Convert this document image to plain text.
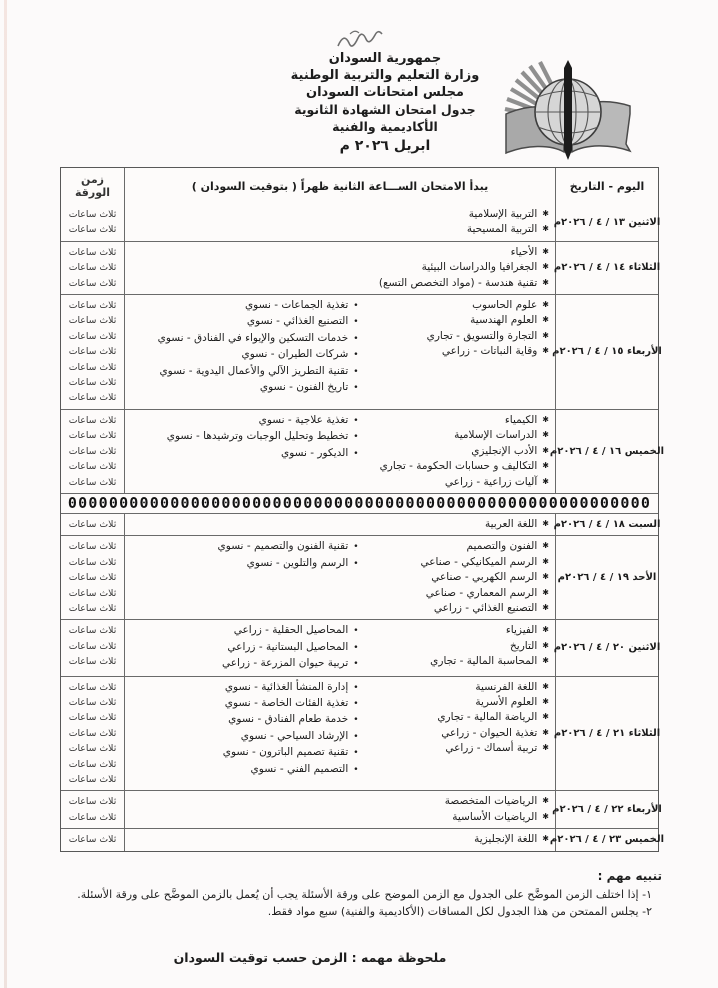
جمهورية السودان
وزارة التعليم والتربية الوطنية
مجلس امتحانات السودان
جدول امتحان الشهادة الثانوية
الأكاديمية والفنية
ابريل ٢٠٢٦ م
اليوم - التاريخ
يبدأ الامتحان الســـاعة الثانية ظهراً ( بتوقيت السودان )
زمن الورقة
الاثنين ١٣ / ٤ / ٢٠٢٦م
✱
التربية الإسلامية
✱
التربية المسيحية
ثلاث ساعات
ثلاث ساعات
الثلاثاء ١٤ / ٤ / ٢٠٢٦م
✱
الأحياء
✱
الجغرافيا والدراسات البيئية
✱
تقنية هندسة - (مواد التخصص التسع)
ثلاث ساعات
ثلاث ساعات
ثلاث ساعات
الأربعاء ١٥ / ٤ / ٢٠٢٦م
✱
علوم الحاسوب
✱
العلوم الهندسية
✱
التجارة والتسويق - تجاري
✱
وقاية النباتات - زراعي
•
تغذية الجماعات - نسوي
•
التصنيع الغذائي - نسوي
•
خدمات التسكين والإيواء في الفنادق - نسوي
•
شركات الطيران - نسوي
•
تقنية التطريز الآلي والأعمال اليدوية - نسوي
•
تاريخ الفنون - نسوي
ثلاث ساعات
ثلاث ساعات
ثلاث ساعات
ثلاث ساعات
ثلاث ساعات
ثلاث ساعات
ثلاث ساعات
الخميس ١٦ / ٤ / ٢٠٢٦م
✱
الكيمياء
✱
الدراسات الإسلامية
✱
الأدب الإنجليزي
✱
التكاليف و حسابات الحكومة - تجاري
✱
آليات زراعية - زراعي
•
تغذية علاجية - نسوي
•
تخطيط وتحليل الوجبات وترشيدها - نسوي
•
الديكور - نسوي
ثلاث ساعات
ثلاث ساعات
ثلاث ساعات
ثلاث ساعات
ثلاث ساعات
000000000000000000000000000000000000000000000000000000000
السبت ١٨ / ٤ / ٢٠٢٦م
✱
اللغة العربية
ثلاث ساعات
الأحد ١٩ / ٤ / ٢٠٢٦م
✱
الفنون والتصميم
✱
الرسم الميكانيكي - صناعي
✱
الرسم الكهربي - صناعي
✱
الرسم المعماري - صناعي
✱
التصنيع الغذائي - زراعي
•
تقنية الفنون والتصميم - نسوي
•
الرسم والتلوين - نسوي
ثلاث ساعات
ثلاث ساعات
ثلاث ساعات
ثلاث ساعات
ثلاث ساعات
الاثنين ٢٠ / ٤ / ٢٠٢٦م
✱
الفيزياء
✱
التاريخ
✱
المحاسبة المالية - تجاري
•
المحاصيل الحقلية - زراعي
•
المحاصيل البستانية - زراعي
•
تربية حيوان المزرعة - زراعي
ثلاث ساعات
ثلاث ساعات
ثلاث ساعات
الثلاثاء ٢١ / ٤ / ٢٠٢٦م
✱
اللغة الفرنسية
✱
العلوم الأسرية
✱
الرياضة المالية - تجاري
✱
تغذية الحيوان - زراعي
✱
تربية أسماك - زراعي
•
إدارة المنشأ الغذائية - نسوي
•
تغذية الفئات الخاصة - نسوي
•
خدمة طعام الفنادق - نسوي
•
الإرشاد السياحي - نسوي
•
تقنية تصميم الباترون - نسوي
•
التصميم الفني - نسوي
ثلاث ساعات
ثلاث ساعات
ثلاث ساعات
ثلاث ساعات
ثلاث ساعات
ثلاث ساعات
ثلاث ساعات
الأربعاء ٢٢ / ٤ / ٢٠٢٦م
✱
الرياضيات المتخصصة
✱
الرياضيات الأساسية
ثلاث ساعات
ثلاث ساعات
الخميس ٢٣ / ٤ / ٢٠٢٦م
✱
اللغة الإنجليزية
ثلاث ساعات
تنبيه مهم :
١- إذا اختلف الزمن الموضَّح على الجدول مع الزمن الموضح على ورقة الأسئلة يجب أن يُعمل بالزمن الموضَّح على ورقة الأسئلة.
٢- يجلس الممتحن من هذا الجدول لكل المساقات (الأكاديمية والفنية) سبع مواد فقط.
ملحوظة مهمه : الزمن حسب توقيت السودان
